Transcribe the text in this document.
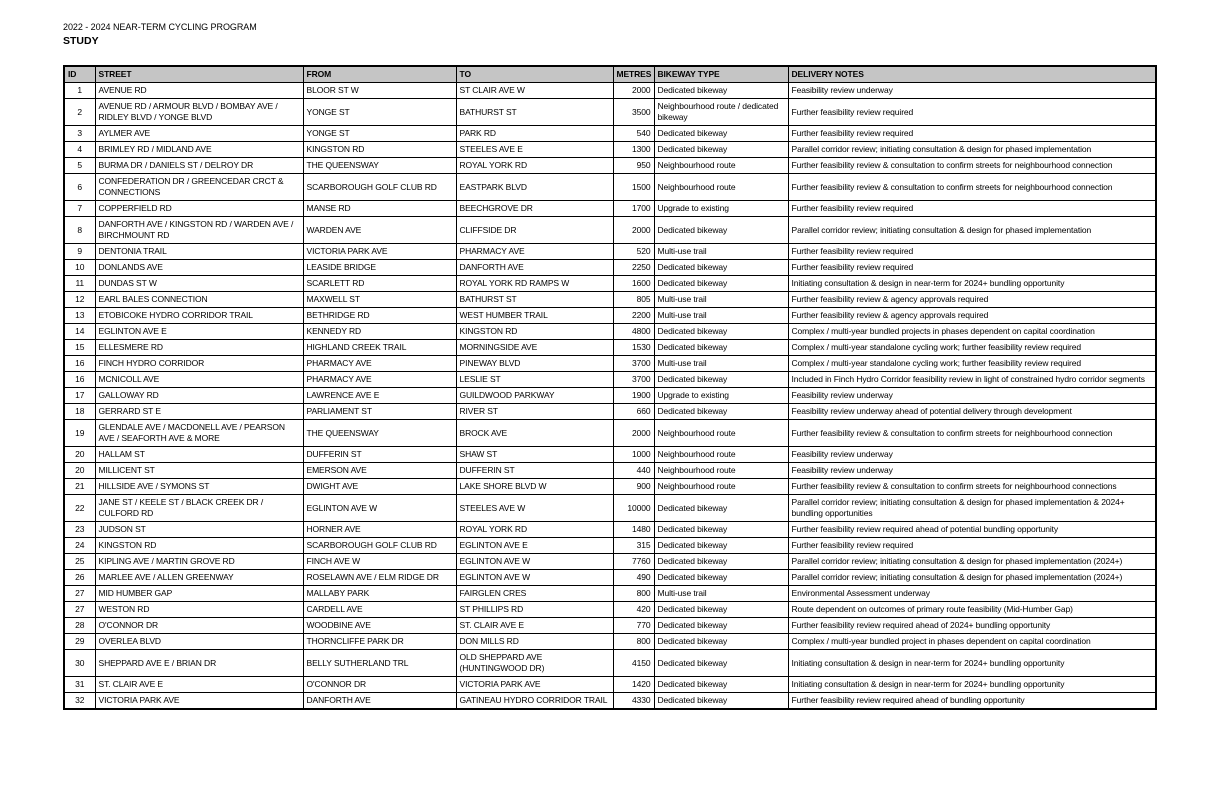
2022 - 2024 NEAR-TERM CYCLING PROGRAM
STUDY
ID	STREET	FROM	TO	METRES	BIKEWAY TYPE	DELIVERY NOTES
1	AVENUE RD	BLOOR ST W	ST CLAIR AVE W	2000	Dedicated bikeway	Feasibility review underway
2	AVENUE RD / ARMOUR BLVD / BOMBAY AVE / RIDLEY BLVD / YONGE BLVD	YONGE ST	BATHURST ST	3500	Neighbourhood route / dedicated bikeway	Further feasibility review required
3	AYLMER AVE	YONGE ST	PARK RD	540	Dedicated bikeway	Further feasibility review required
4	BRIMLEY RD / MIDLAND AVE	KINGSTON RD	STEELES AVE E	1300	Dedicated bikeway	Parallel corridor review; initiating consultation & design for phased implementation
5	BURMA DR / DANIELS ST / DELROY DR	THE QUEENSWAY	ROYAL YORK RD	950	Neighbourhood route	Further feasibility review & consultation to confirm streets for neighbourhood connection
6	CONFEDERATION DR / GREENCEDAR CRCT & CONNECTIONS	SCARBOROUGH GOLF CLUB RD	EASTPARK BLVD	1500	Neighbourhood route	Further feasibility review & consultation to confirm streets for neighbourhood connection
7	COPPERFIELD RD	MANSE RD	BEECHGROVE DR	1700	Upgrade to existing	Further feasibility review required
8	DANFORTH AVE / KINGSTON RD / WARDEN AVE / BIRCHMOUNT RD	WARDEN AVE	CLIFFSIDE DR	2000	Dedicated bikeway	Parallel corridor review; initiating consultation & design for phased implementation
9	DENTONIA TRAIL	VICTORIA PARK AVE	PHARMACY AVE	520	Multi-use trail	Further feasibility review required
10	DONLANDS AVE	LEASIDE BRIDGE	DANFORTH AVE	2250	Dedicated bikeway	Further feasibility review required
11	DUNDAS ST W	SCARLETT RD	ROYAL YORK RD RAMPS W	1600	Dedicated bikeway	Initiating consultation & design in near-term for 2024+ bundling opportunity
12	EARL BALES CONNECTION	MAXWELL ST	BATHURST ST	805	Multi-use trail	Further feasibility review & agency approvals required
13	ETOBICOKE HYDRO CORRIDOR TRAIL	BETHRIDGE RD	WEST HUMBER TRAIL	2200	Multi-use trail	Further feasibility review & agency approvals required
14	EGLINTON AVE E	KENNEDY RD	KINGSTON RD	4800	Dedicated bikeway	Complex / multi-year bundled projects in phases dependent on capital coordination
15	ELLESMERE RD	HIGHLAND CREEK TRAIL	MORNINGSIDE AVE	1530	Dedicated bikeway	Complex / multi-year standalone cycling work; further feasibility review required
16	FINCH HYDRO CORRIDOR	PHARMACY AVE	PINEWAY BLVD	3700	Multi-use trail	Complex / multi-year standalone cycling work; further feasibility review required
16	MCNICOLL AVE	PHARMACY AVE	LESLIE ST	3700	Dedicated bikeway	Included in Finch Hydro Corridor feasibility review in light of constrained hydro corridor segments
17	GALLOWAY RD	LAWRENCE AVE E	GUILDWOOD PARKWAY	1900	Upgrade to existing	Feasibility review underway
18	GERRARD ST E	PARLIAMENT ST	RIVER ST	660	Dedicated bikeway	Feasibility review underway ahead of potential delivery through development
19	GLENDALE AVE / MACDONELL AVE / PEARSON AVE / SEAFORTH AVE & MORE	THE QUEENSWAY	BROCK AVE	2000	Neighbourhood route	Further feasibility review & consultation to confirm streets for neighbourhood connection
20	HALLAM ST	DUFFERIN ST	SHAW ST	1000	Neighbourhood route	Feasibility review underway
20	MILLICENT ST	EMERSON AVE	DUFFERIN ST	440	Neighbourhood route	Feasibility review underway
21	HILLSIDE AVE / SYMONS ST	DWIGHT AVE	LAKE SHORE BLVD W	900	Neighbourhood route	Further feasibility review & consultation to confirm streets for neighbourhood connections
22	JANE ST / KEELE ST / BLACK CREEK DR / CULFORD RD	EGLINTON AVE W	STEELES AVE W	10000	Dedicated bikeway	Parallel corridor review; initiating consultation & design for phased implementation & 2024+ bundling opportunities
23	JUDSON ST	HORNER AVE	ROYAL YORK RD	1480	Dedicated bikeway	Further feasibility review required ahead of potential bundling opportunity
24	KINGSTON RD	SCARBOROUGH GOLF CLUB RD	EGLINTON AVE E	315	Dedicated bikeway	Further feasibility review required
25	KIPLING AVE / MARTIN GROVE RD	FINCH AVE W	EGLINTON AVE W	7760	Dedicated bikeway	Parallel corridor review; initiating consultation & design for phased implementation (2024+)
26	MARLEE AVE / ALLEN GREENWAY	ROSELAWN AVE / ELM RIDGE DR	EGLINTON AVE W	490	Dedicated bikeway	Parallel corridor review; initiating consultation & design for phased implementation (2024+)
27	MID HUMBER GAP	MALLABY PARK	FAIRGLEN CRES	800	Multi-use trail	Environmental Assessment underway
27	WESTON RD	CARDELL AVE	ST PHILLIPS RD	420	Dedicated bikeway	Route dependent on outcomes of primary route feasibility (Mid-Humber Gap)
28	O'CONNOR DR	WOODBINE AVE	ST. CLAIR AVE E	770	Dedicated bikeway	Further feasibility review required ahead of 2024+ bundling opportunity
29	OVERLEA BLVD	THORNCLIFFE PARK DR	DON MILLS RD	800	Dedicated bikeway	Complex / multi-year bundled project in phases dependent on capital coordination
30	SHEPPARD AVE E / BRIAN DR	BELLY SUTHERLAND TRL	OLD SHEPPARD AVE (HUNTINGWOOD DR)	4150	Dedicated bikeway	Initiating consultation & design in near-term for 2024+ bundling opportunity
31	ST. CLAIR AVE E	O'CONNOR DR	VICTORIA PARK AVE	1420	Dedicated bikeway	Initiating consultation & design in near-term for 2024+ bundling opportunity
32	VICTORIA PARK AVE	DANFORTH AVE	GATINEAU HYDRO CORRIDOR TRAIL	4330	Dedicated bikeway	Further feasibility review required ahead of bundling opportunity
